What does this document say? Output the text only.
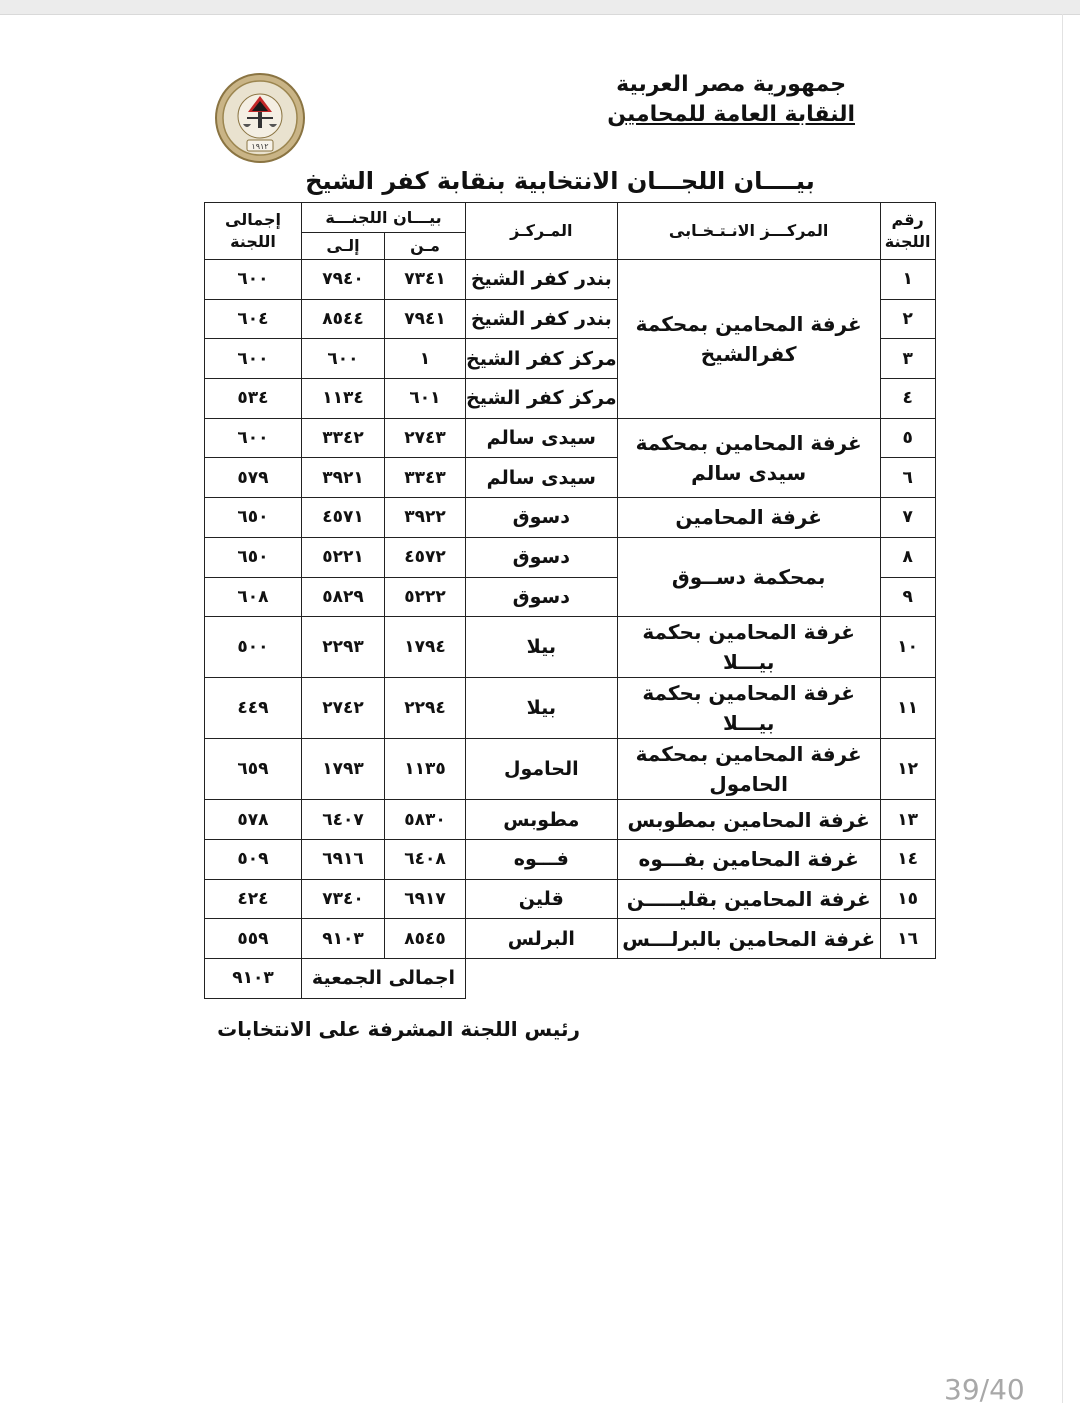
جمهورية مصر العربية
النقابة العامة للمحامين
١٩١٢
بيــــان اللجـــان الانتخابية بنقابة كفر الشيخ
رقم اللجنة	المركـــز الانـتـخـابى	المـركـز	بيـــان اللجنـــة		إجمالى اللجنة
			مـن	إلـى	
١	غرفة المحامين بمحكمة كفرالشيخ	بندر كفر الشيخ	٧٣٤١	٧٩٤٠	٦٠٠
٢		بندر كفر الشيخ	٧٩٤١	٨٥٤٤	٦٠٤
٣		مركز كفر الشيخ	١	٦٠٠	٦٠٠
٤		مركز كفر الشيخ	٦٠١	١١٣٤	٥٣٤
٥	غرفة المحامين بمحكمة سيدى سالم	سيدى سالم	٢٧٤٣	٣٣٤٢	٦٠٠
٦		سيدى سالم	٣٣٤٣	٣٩٢١	٥٧٩
٧	غرفة المحامين	دسوق	٣٩٢٢	٤٥٧١	٦٥٠
٨	بمحكمة دســوق	دسوق	٤٥٧٢	٥٢٢١	٦٥٠
٩		دسوق	٥٢٢٢	٥٨٢٩	٦٠٨
١٠	غرفة المحامين بحكمة بيـــلا	بيلا	١٧٩٤	٢٢٩٣	٥٠٠
١١	غرفة المحامين بحكمة بيـــلا	بيلا	٢٢٩٤	٢٧٤٢	٤٤٩
١٢	غرفة المحامين بمحكمة الحامول	الحامول	١١٣٥	١٧٩٣	٦٥٩
١٣	غرفة المحامين بمطوبس	مطوبس	٥٨٣٠	٦٤٠٧	٥٧٨
١٤	غرفة المحامين بفـــوه	فـــوه	٦٤٠٨	٦٩١٦	٥٠٩
١٥	غرفة المحامين بقليـــــن	قلين	٦٩١٧	٧٣٤٠	٤٢٤
١٦	غرفة المحامين بالبرلـــس	البرلس	٨٥٤٥	٩١٠٣	٥٥٩
			اجمالى الجمعية		٩١٠٣
رئيس اللجنة المشرفة على الانتخابات
39/40
